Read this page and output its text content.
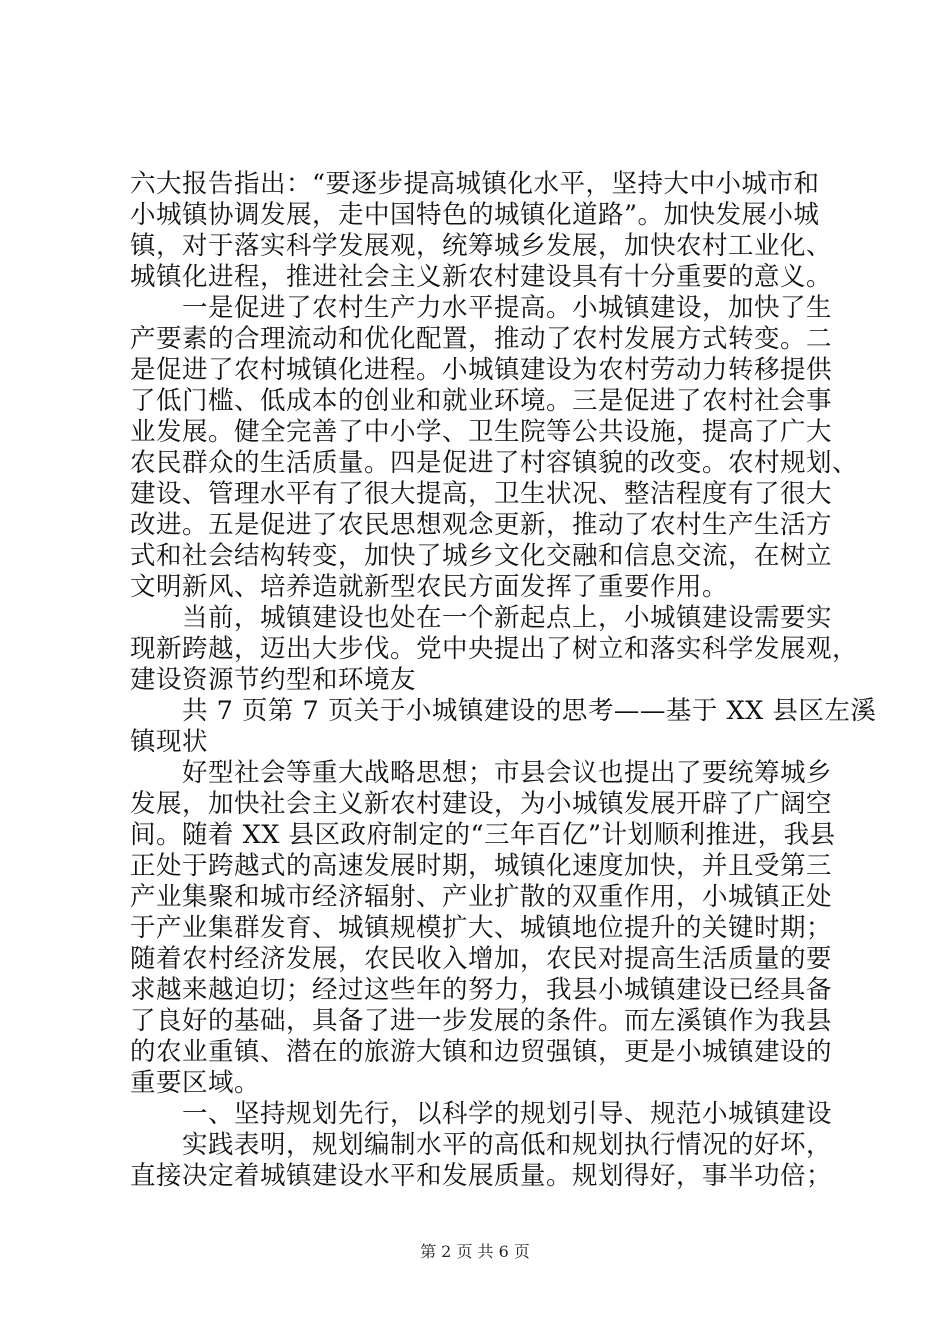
六大报告指出：“要逐步提高城镇化水平，坚持大中小城市和
小城镇协调发展，走中国特色的城镇化道路”。加快发展小城
镇，对于落实科学发展观，统筹城乡发展，加快农村工业化、
城镇化进程，推进社会主义新农村建设具有十分重要的意义。
一是促进了农村生产力水平提高。小城镇建设，加快了生
产要素的合理流动和优化配置，推动了农村发展方式转变。二
是促进了农村城镇化进程。小城镇建设为农村劳动力转移提供
了低门槛、低成本的创业和就业环境。三是促进了农村社会事
业发展。健全完善了中小学、卫生院等公共设施，提高了广大
农民群众的生活质量。四是促进了村容镇貌的改变。农村规划、
建设、管理水平有了很大提高，卫生状况、整洁程度有了很大
改进。五是促进了农民思想观念更新，推动了农村生产生活方
式和社会结构转变，加快了城乡文化交融和信息交流，在树立
文明新风、培养造就新型农民方面发挥了重要作用。
当前，城镇建设也处在一个新起点上，小城镇建设需要实
现新跨越，迈出大步伐。党中央提出了树立和落实科学发展观，
建设资源节约型和环境友
共 7 页第 7 页关于小城镇建设的思考——基于 XX 县区左溪
镇现状
好型社会等重大战略思想；市县会议也提出了要统筹城乡
发展，加快社会主义新农村建设，为小城镇发展开辟了广阔空
间。随着 XX 县区政府制定的“三年百亿”计划顺利推进，我县
正处于跨越式的高速发展时期，城镇化速度加快，并且受第三
产业集聚和城市经济辐射、产业扩散的双重作用，小城镇正处
于产业集群发育、城镇规模扩大、城镇地位提升的关键时期；
随着农村经济发展，农民收入增加，农民对提高生活质量的要
求越来越迫切；经过这些年的努力，我县小城镇建设已经具备
了良好的基础，具备了进一步发展的条件。而左溪镇作为我县
的农业重镇、潜在的旅游大镇和边贸强镇，更是小城镇建设的
重要区域。
一、坚持规划先行，以科学的规划引导、规范小城镇建设
实践表明，规划编制水平的高低和规划执行情况的好坏，
直接决定着城镇建设水平和发展质量。规划得好，事半功倍；
第 2 页 共 6 页
